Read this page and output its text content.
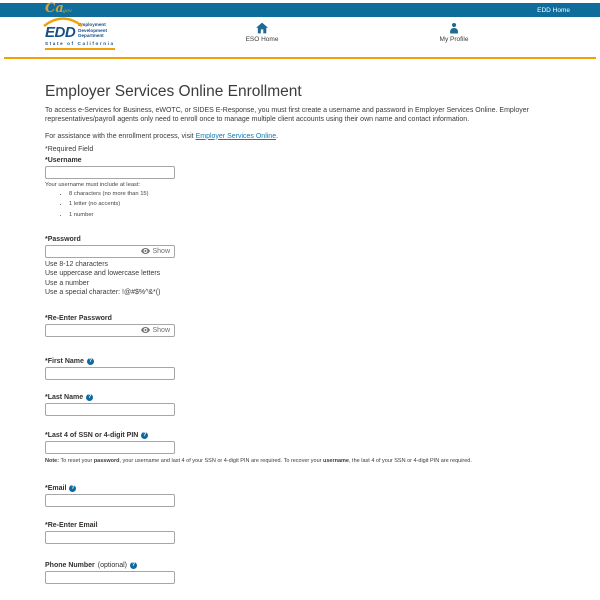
Cagov	EDD Home
EDD Employment
Development
Department
State of California
ESO Home	My Profile
Employer Services Online Enrollment

To access e-Services for Business, eWOTC, or SIDES E-Response, you must first create a username and password in Employer Services Online. Employer representatives/payroll agents only need to enroll once to manage multiple client accounts using their own name and contact information.

For assistance with the enrollment process, visit Employer Services Online.

*Required Field

*Username
Your username must include at least:
• 8 characters (no more than 15)
• 1 letter (no accents)
• 1 number
*Password
Show
Use 8-12 characters
Use uppercase and lowercase letters
Use a number
Use a special character: !@#$%^&*()
*Re-Enter Password
Show
*First Name
?
*Last Name
?
*Last 4 of SSN or 4-digit PIN
?
Note: To reset your password, your username and last 4 of your SSN or 4-digit PIN are required. To recover your username, the last 4 of your SSN or 4-digit PIN are required.
*Email
?
*Re-Enter Email
Phone Number (optional)
?
